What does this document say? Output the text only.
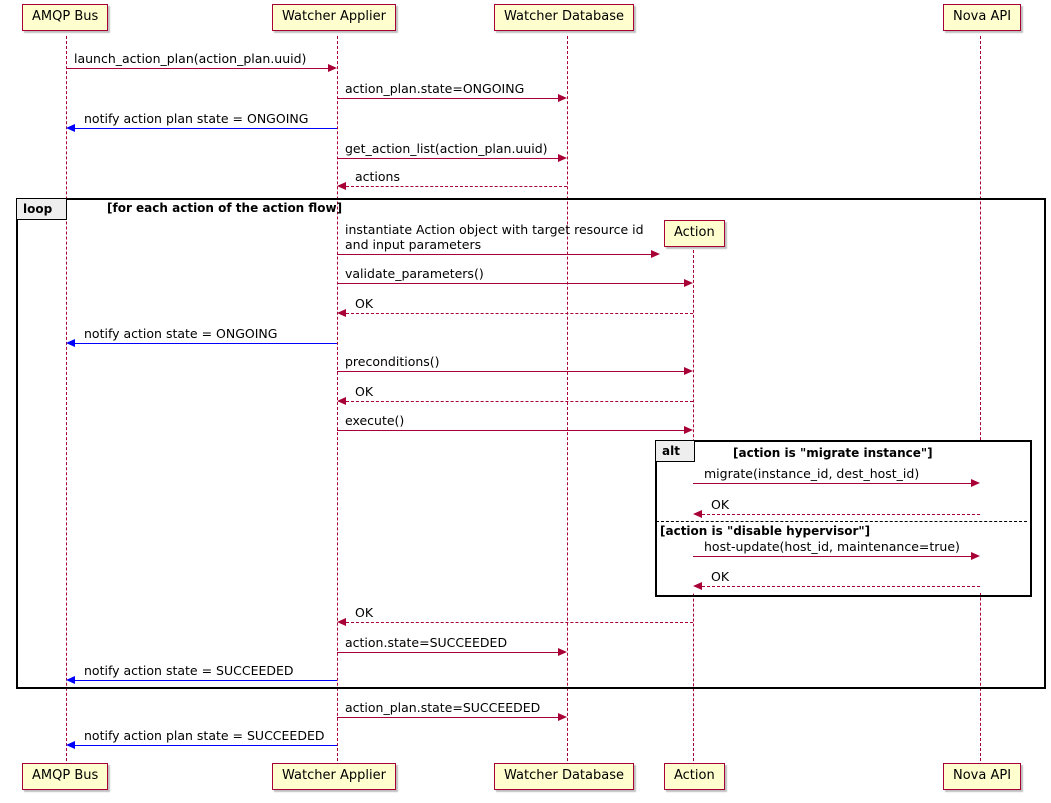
loop	[for each action of the action flow]
alt	[action is "migrate instance"]
[action is "disable hypervisor"]
AMQP Bus	Watcher Applier	Watcher Database	Nova API
Action
AMQP Bus	Watcher Applier	Watcher Database	Action	Nova API
launch_action_plan(action_plan.uuid)
action_plan.state=ONGOING
notify action plan state = ONGOING
get_action_list(action_plan.uuid)
actions
instantiate Action object with target resource id
and input parameters
validate_parameters()
OK
notify action state = ONGOING
preconditions()
OK
execute()
migrate(instance_id, dest_host_id)
OK
host-update(host_id, maintenance=true)
OK
OK
action.state=SUCCEEDED
notify action state = SUCCEEDED
action_plan.state=SUCCEEDED
notify action plan state = SUCCEEDED
